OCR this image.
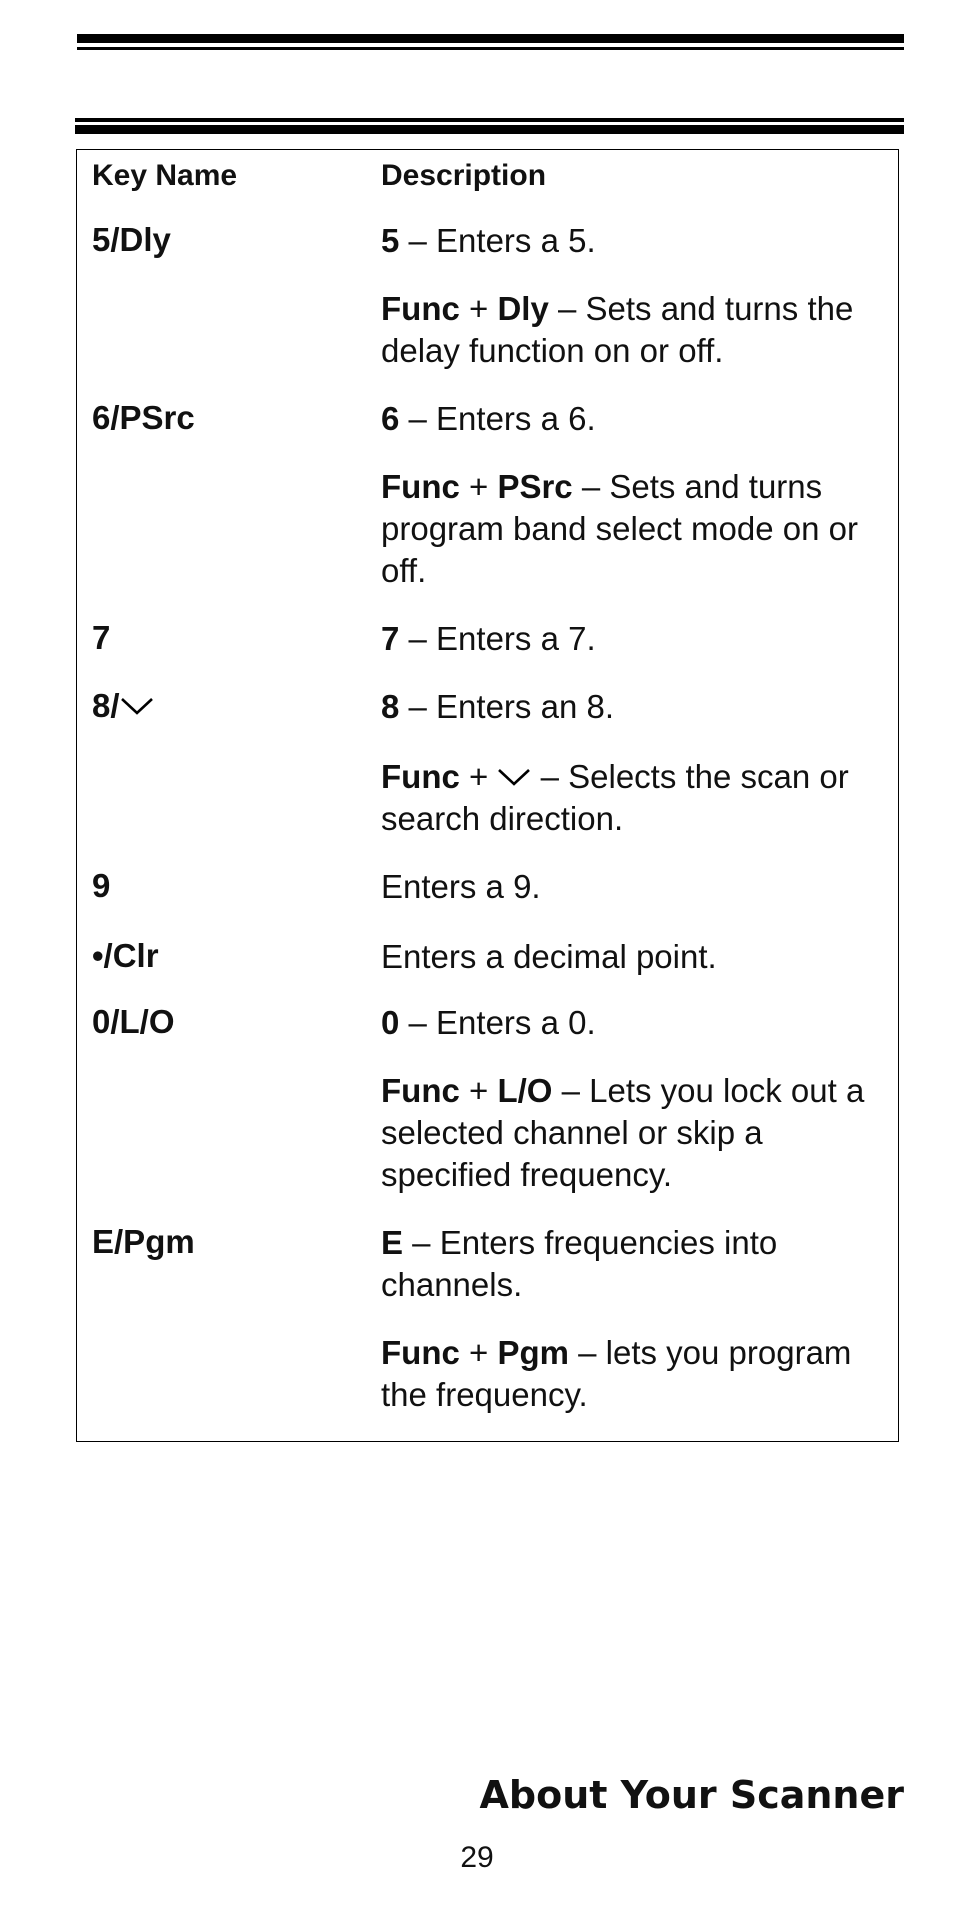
Key Name	Description
5/Dly	5 – Enters a 5.
Func + Dly – Sets and turns the delay function on or off.
6/PSrc	6 – Enters a 6.
Func + PSrc – Sets and turns program band select mode on or off.
7	7 – Enters a 7.
8/	8 – Enters an 8.
Func +  – Selects the scan or search direction.
9	Enters a 9.
•/Clr	Enters a decimal point.
0/L/O	0 – Enters a 0.
Func + L/O – Lets you lock out a selected channel or skip a specified frequency.
E/Pgm	E – Enters frequencies into channels.
Func + Pgm – lets you program the frequency.
About Your Scanner
29
